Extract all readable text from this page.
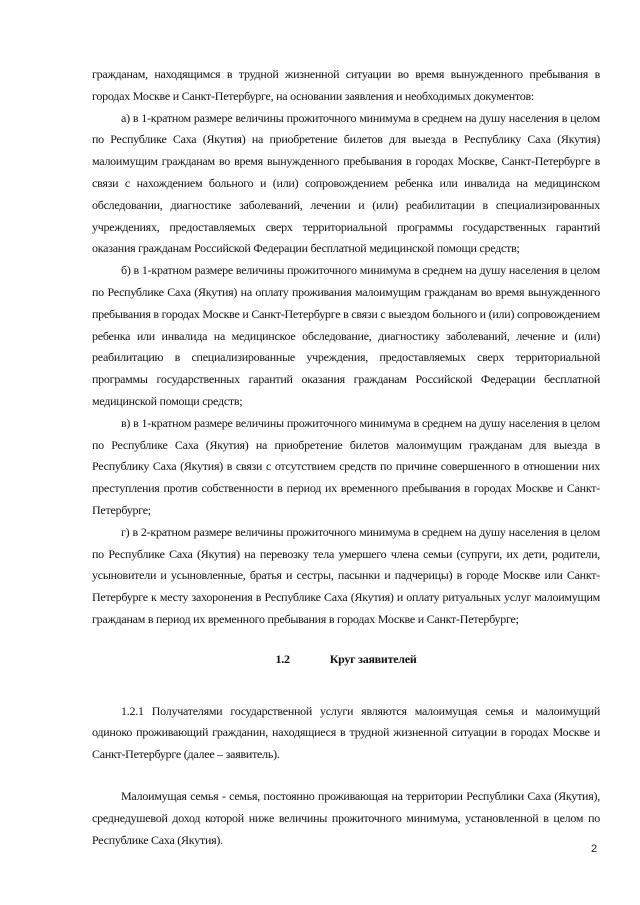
гражданам, находящимся в трудной жизненной ситуации во время вынужденного пребывания в городах Москве и Санкт-Петербурге, на основании заявления и необходимых документов:

а) в 1-кратном размере величины прожиточного минимума в среднем на душу населения в целом по Республике Саха (Якутия) на приобретение билетов для выезда в Республику Саха (Якутия) малоимущим гражданам во время вынужденного пребывания в городах Москве, Санкт-Петербурге в связи с нахождением больного и (или) сопровождением ребенка или инвалида на медицинском обследовании, диагностике заболеваний, лечении и (или) реабилитации в специализированных учреждениях, предоставляемых сверх территориальной программы государственных гарантий оказания гражданам Российской Федерации бесплатной медицинской помощи средств;

б) в 1-кратном размере величины прожиточного минимума в среднем на душу населения в целом по Республике Саха (Якутия) на оплату проживания малоимущим гражданам во время вынужденного пребывания в городах Москве и Санкт-Петербурге в связи с выездом больного и (или) сопровождением ребенка или инвалида на медицинское обследование, диагностику заболеваний, лечение и (или) реабилитацию в специализированные учреждения, предоставляемых сверх территориальной программы государственных гарантий оказания гражданам Российской Федерации бесплатной медицинской помощи средств;

в) в 1-кратном размере величины прожиточного минимума в среднем на душу населения в целом по Республике Саха (Якутия) на приобретение билетов малоимущим гражданам для выезда в Республику Саха (Якутия) в связи с отсутствием средств по причине совершенного в отношении них преступления против собственности в период их временного пребывания в городах Москве и Санкт-Петербурге;

г) в 2-кратном размере величины прожиточного минимума в среднем на душу населения в целом по Республике Саха (Якутия) на перевозку тела умершего члена семьи (супруги, их дети, родители, усыновители и усыновленные, братья и сестры, пасынки и падчерицы) в городе Москве или Санкт-Петербурге к месту захоронения в Республике Саха (Якутия) и оплату ритуальных услуг малоимущим гражданам в период их временного пребывания в городах Москве и Санкт-Петербурге;

1.2	Круг заявителей

1.2.1 Получателями государственной услуги являются малоимущая семья и малоимущий одиноко проживающий гражданин, находящиеся в трудной жизненной ситуации в городах Москве и Санкт-Петербурге (далее – заявитель).

Малоимущая семья - семья, постоянно проживающая на территории Республики Саха (Якутия), среднедушевой доход которой ниже величины прожиточного минимума, установленной в целом по Республике Саха (Якутия).

2
